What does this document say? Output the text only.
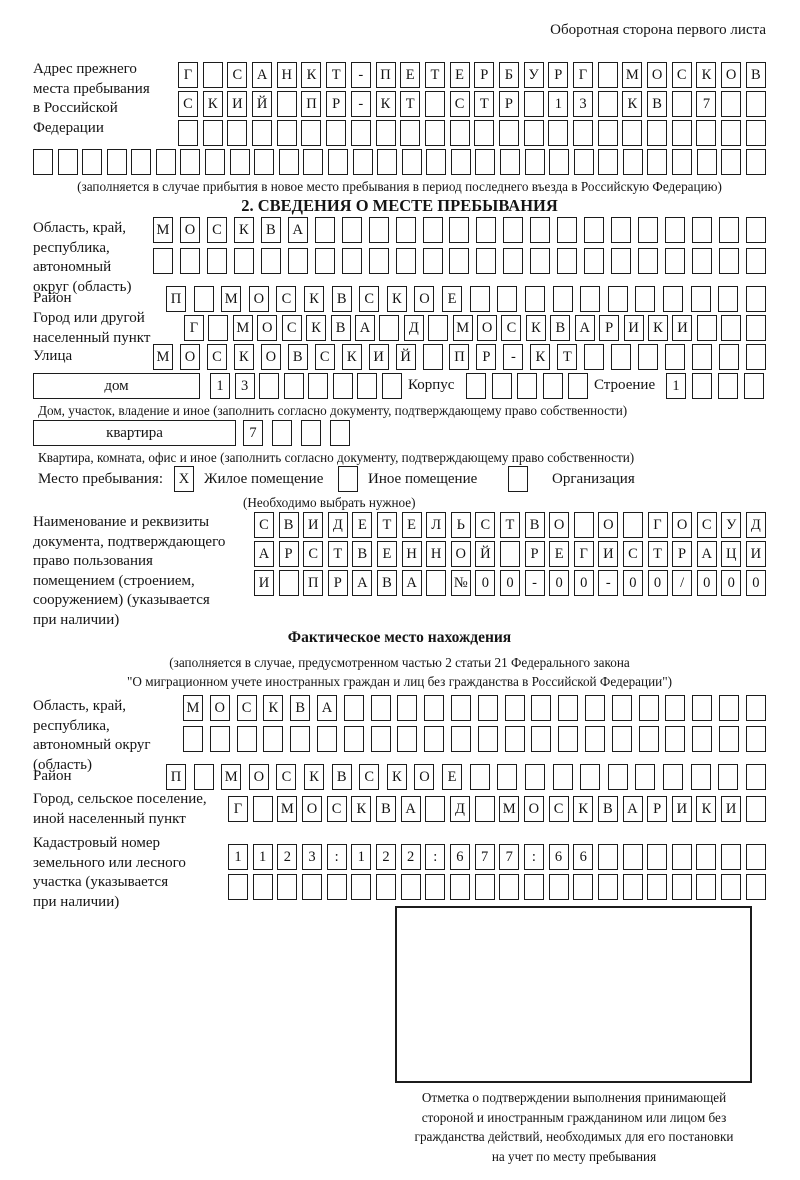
Оборотная сторона первого листа
Адрес прежнего
места пребывания
в Российской
Федерации
Г	С	А Н	К	Т	-	П	Е	Т	Е	Р	Б	У	Р	Г	М О	С	К	О	В
С	К	И Й	П	Р	-	К	Т	С	Т	Р	1	3	К	В	7
(заполняется в случае прибытия в новое место пребывания в период последнего въезда в Российскую Федерацию)
2. СВЕДЕНИЯ О МЕСТЕ ПРЕБЫВАНИЯ
Область, край,
республика,
автономный
округ (область)
М	О	С	К	В	А
Район	П	М	О	С	К	В	С	К	О	Е
Город или другой
населенный пункт
Г	М О С	К	В А	Д	М О С	К	В А	Р	И К И
Улица	М	О	С	К	О	В	С	К	И	Й	П	Р	-	К	Т
дом	1	3	Корпус	Строение	1
Дом, участок, владение и иное (заполнить согласно документу, подтверждающему право собственности)
квартира	7
Квартира, комната, офис и иное (заполнить согласно документу, подтверждающему право собственности)
Место пребывания:	X Жилое помещение	Иное помещение	Организация
(Необходимо выбрать нужное)
Наименование и реквизиты
документа, подтверждающего
право пользования
помещением (строением,
сооружением) (указывается
при наличии)
С	В	И Д	Е	Т	Е	Л	Ь	С	Т	В	О	О	Г	О	С	У	Д
А	Р	С	Т	В	Е	Н Н О Й	Р	Е	Г	И	С	Т	Р	А Ц И
И	П	Р	А	В	А	№ 0	0	-	0	0	-	0	0	/	0	0	0
Фактическое место нахождения
(заполняется в случае, предусмотренном частью 2 статьи 21 Федерального закона
"О миграционном учете иностранных граждан и лиц без гражданства в Российской Федерации")
Область, край,
республика,
автономный округ
(область)
М	О	С	К	В	А
Район	П	М	О	С	К	В	С	К	О	Е
Город, сельское поселение,
иной населенный пункт
Г	М О	С	К	В	А	Д	М О	С	К	В	А	Р	И	К	И
Кадастровый номер
земельного или лесного
участка (указывается
при наличии)
1	1	2	3	:	1	2	2	:	6	7	7	:	6	6
Отметка о подтверждении выполнения принимающей
стороной и иностранным гражданином или лицом без
гражданства действий, необходимых для его постановки
на учет по месту пребывания
